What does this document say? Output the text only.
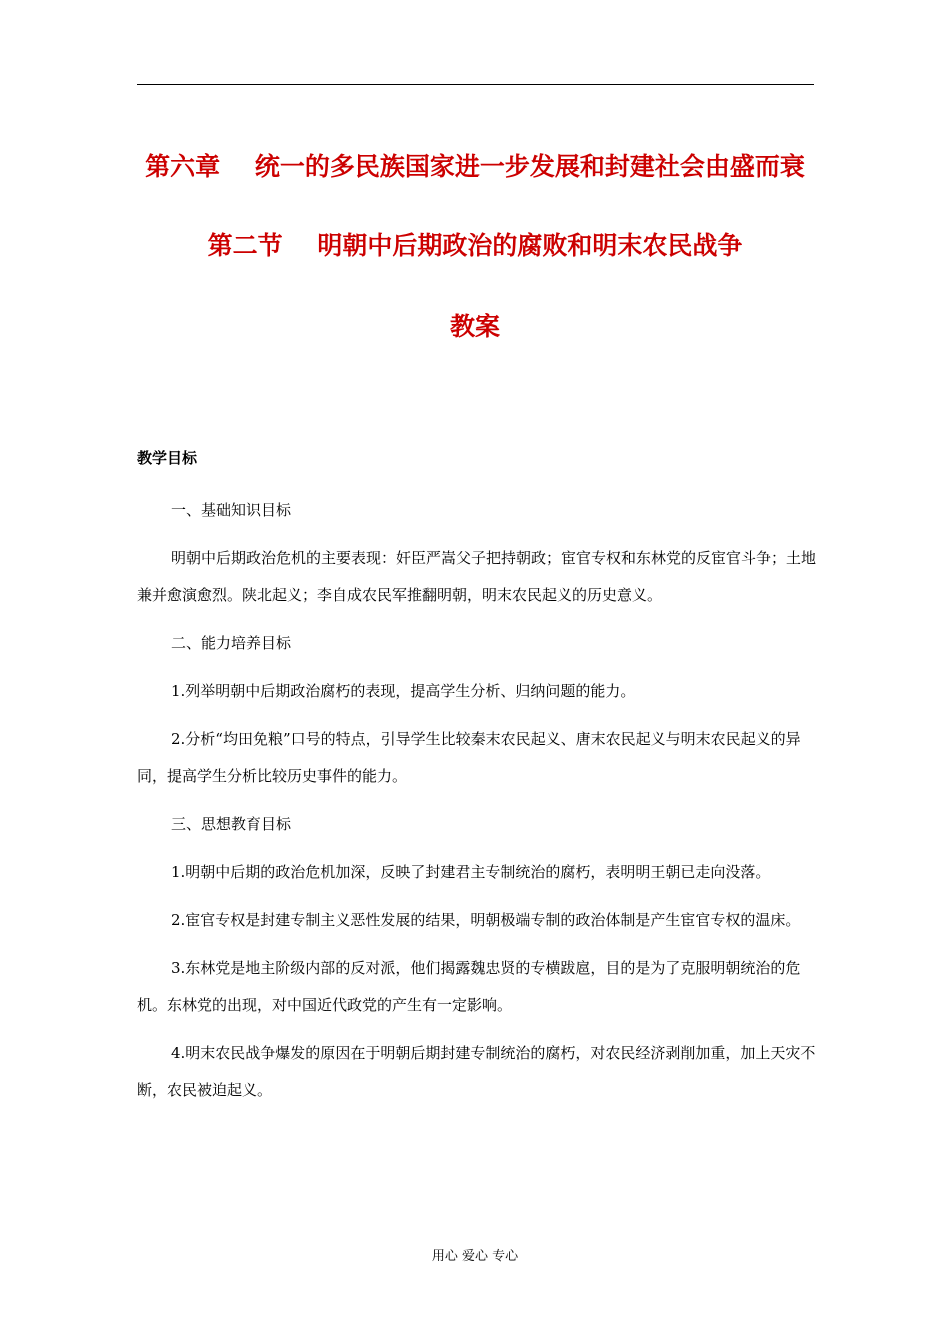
第六章    统一的多民族国家进一步发展和封建社会由盛而衰
第二节    明朝中后期政治的腐败和明末农民战争
教案
教学目标

一、基础知识目标

明朝中后期政治危机的主要表现：奸臣严嵩父子把持朝政；宦官专权和东林党的反宦官斗争；土地兼并愈演愈烈。陕北起义；李自成农民军推翻明朝，明末农民起义的历史意义。

二、能力培养目标

1.列举明朝中后期政治腐朽的表现，提高学生分析、归纳问题的能力。

2.分析“均田免粮”口号的特点，引导学生比较秦末农民起义、唐末农民起义与明末农民起义的异同，提高学生分析比较历史事件的能力。

三、思想教育目标

1.明朝中后期的政治危机加深，反映了封建君主专制统治的腐朽，表明明王朝已走向没落。

2.宦官专权是封建专制主义恶性发展的结果，明朝极端专制的政治体制是产生宦官专权的温床。

3.东林党是地主阶级内部的反对派，他们揭露魏忠贤的专横跋扈，目的是为了克服明朝统治的危机。东林党的出现，对中国近代政党的产生有一定影响。

4.明末农民战争爆发的原因在于明朝后期封建专制统治的腐朽，对农民经济剥削加重，加上天灾不断，农民被迫起义。

用心 爱心 专心
